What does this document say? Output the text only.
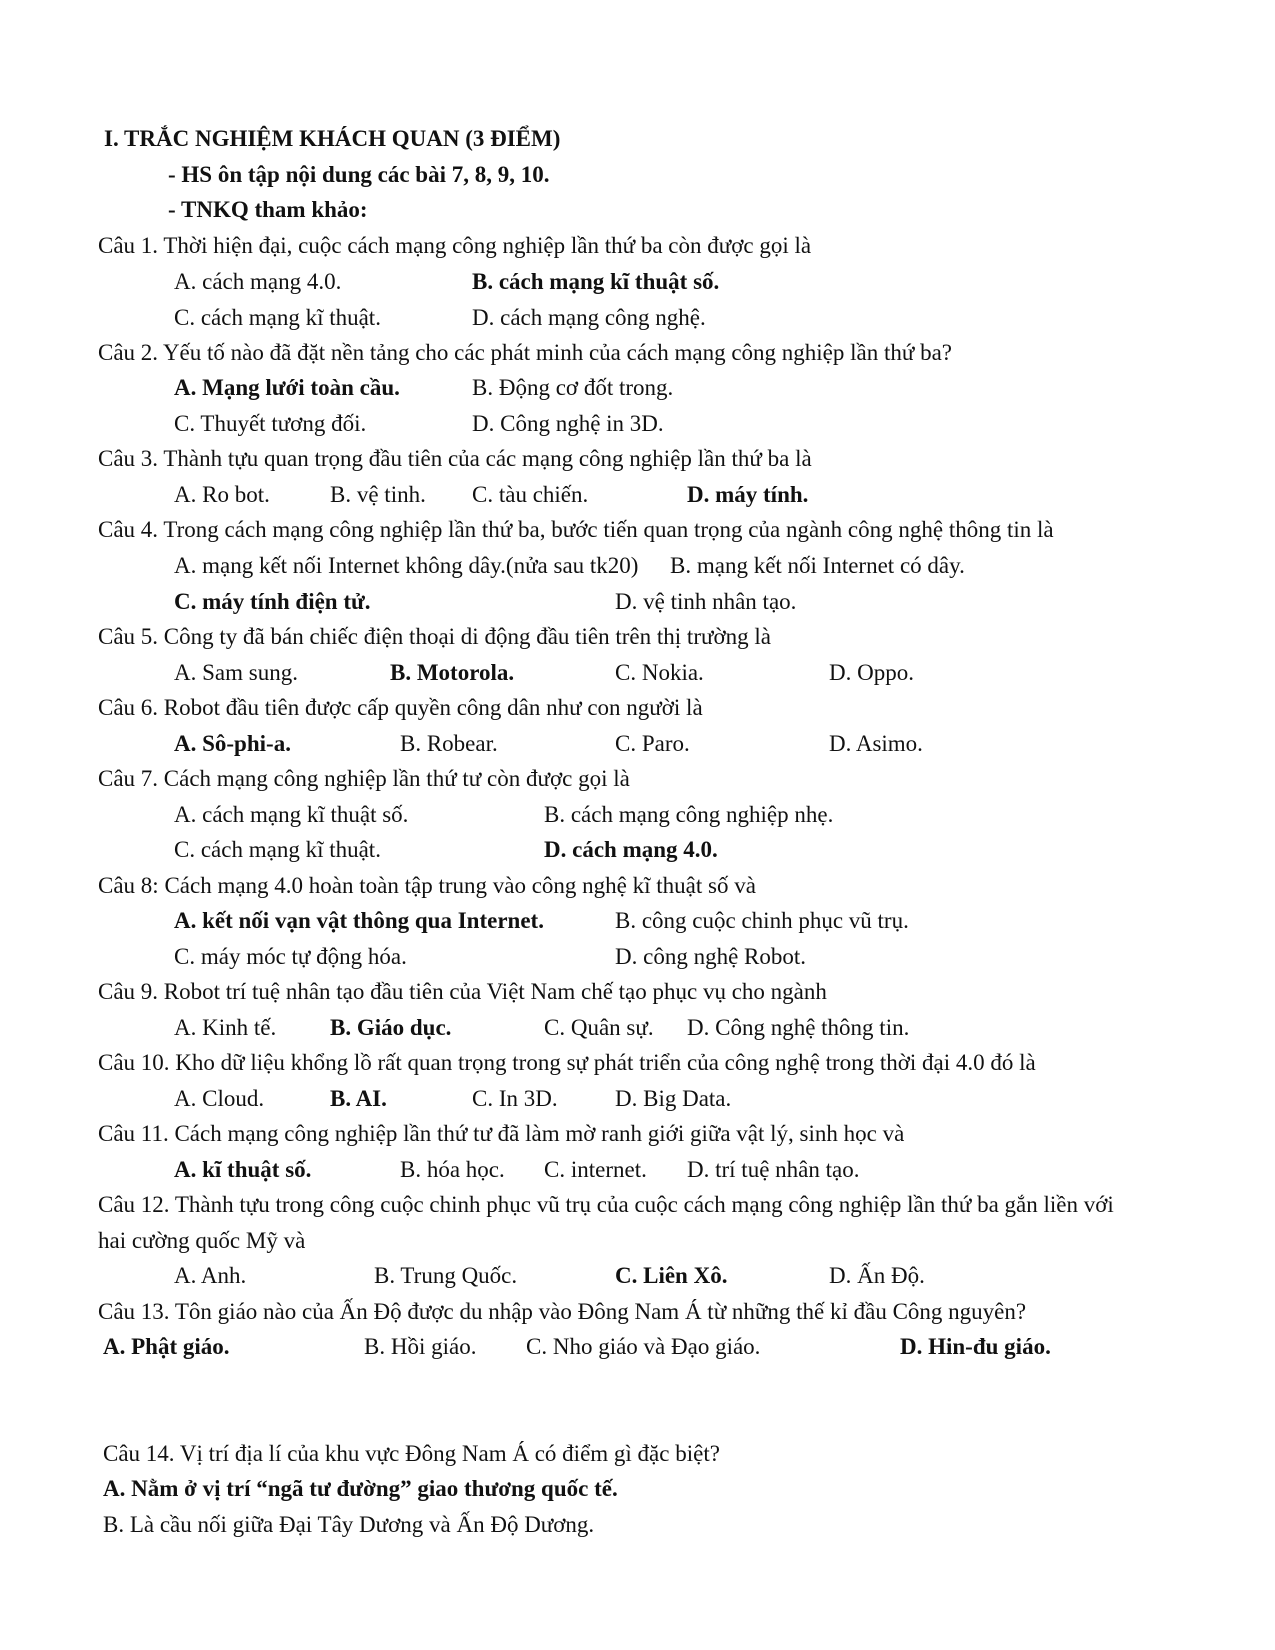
I. TRẮC NGHIỆM KHÁCH QUAN (3 ĐIỂM)
- HS ôn tập nội dung các bài 7, 8, 9, 10.
- TNKQ tham khảo:
Câu 1. Thời hiện đại, cuộc cách mạng công nghiệp lần thứ ba còn được gọi là
A. cách mạng 4.0.	B. cách mạng kĩ thuật số.
C. cách mạng kĩ thuật.	D. cách mạng công nghệ.
Câu 2. Yếu tố nào đã đặt nền tảng cho các phát minh của cách mạng công nghiệp lần thứ ba?
A. Mạng lưới toàn cầu.	B. Động cơ đốt trong.
C. Thuyết tương đối.	D. Công nghệ in 3D.
Câu 3. Thành tựu quan trọng đầu tiên của các mạng công nghiệp lần thứ ba là
A. Ro bot.	B. vệ tinh. C. tàu chiến.	D. máy tính.
Câu 4. Trong cách mạng công nghiệp lần thứ ba, bước tiến quan trọng của ngành công nghệ thông tin là
A. mạng kết nối Internet không dây.(nửa sau tk20) B. mạng kết nối Internet có dây.
C. máy tính điện tử.	D. vệ tinh nhân tạo.
Câu 5. Công ty đã bán chiếc điện thoại di động đầu tiên trên thị trường là
A. Sam sung.	B. Motorola.	C. Nokia.	D. Oppo.
Câu 6. Robot đầu tiên được cấp quyền công dân như con người là
A. Sô-phi-a.	B. Robear.	C. Paro.	D. Asimo.
Câu 7. Cách mạng công nghiệp lần thứ tư còn được gọi là
A. cách mạng kĩ thuật số.	B. cách mạng công nghiệp nhẹ.
C. cách mạng kĩ thuật.	D. cách mạng 4.0.
Câu 8: Cách mạng 4.0 hoàn toàn tập trung vào công nghệ kĩ thuật số và
A. kết nối vạn vật thông qua Internet.	B. công cuộc chinh phục vũ trụ.
C. máy móc tự động hóa.	D. công nghệ Robot.
Câu 9. Robot trí tuệ nhân tạo đầu tiên của Việt Nam chế tạo phục vụ cho ngành
A. Kinh tế. B. Giáo dục.	C. Quân sự. D. Công nghệ thông tin.
Câu 10. Kho dữ liệu khổng lồ rất quan trọng trong sự phát triển của công nghệ trong thời đại 4.0 đó là
A. Cloud.	B. AI.	C. In 3D. D. Big Data.
Câu 11. Cách mạng công nghiệp lần thứ tư đã làm mờ ranh giới giữa vật lý, sinh học và
A. kĩ thuật số.	B. hóa học. C. internet. D. trí tuệ nhân tạo.
Câu 12. Thành tựu trong công cuộc chinh phục vũ trụ của cuộc cách mạng công nghiệp lần thứ ba gắn liền với
hai cường quốc Mỹ và
A. Anh.	B. Trung Quốc.	C. Liên Xô.	D. Ấn Độ.
Câu 13. Tôn giáo nào của Ấn Độ được du nhập vào Đông Nam Á từ những thế kỉ đầu Công nguyên?
A. Phật giáo.	B. Hồi giáo. C. Nho giáo và Đạo giáo.	D. Hin-đu giáo.
Câu 14. Vị trí địa lí của khu vực Đông Nam Á có điểm gì đặc biệt?
A. Nằm ở vị trí “ngã tư đường” giao thương quốc tế.
B. Là cầu nối giữa Đại Tây Dương và Ấn Độ Dương.
